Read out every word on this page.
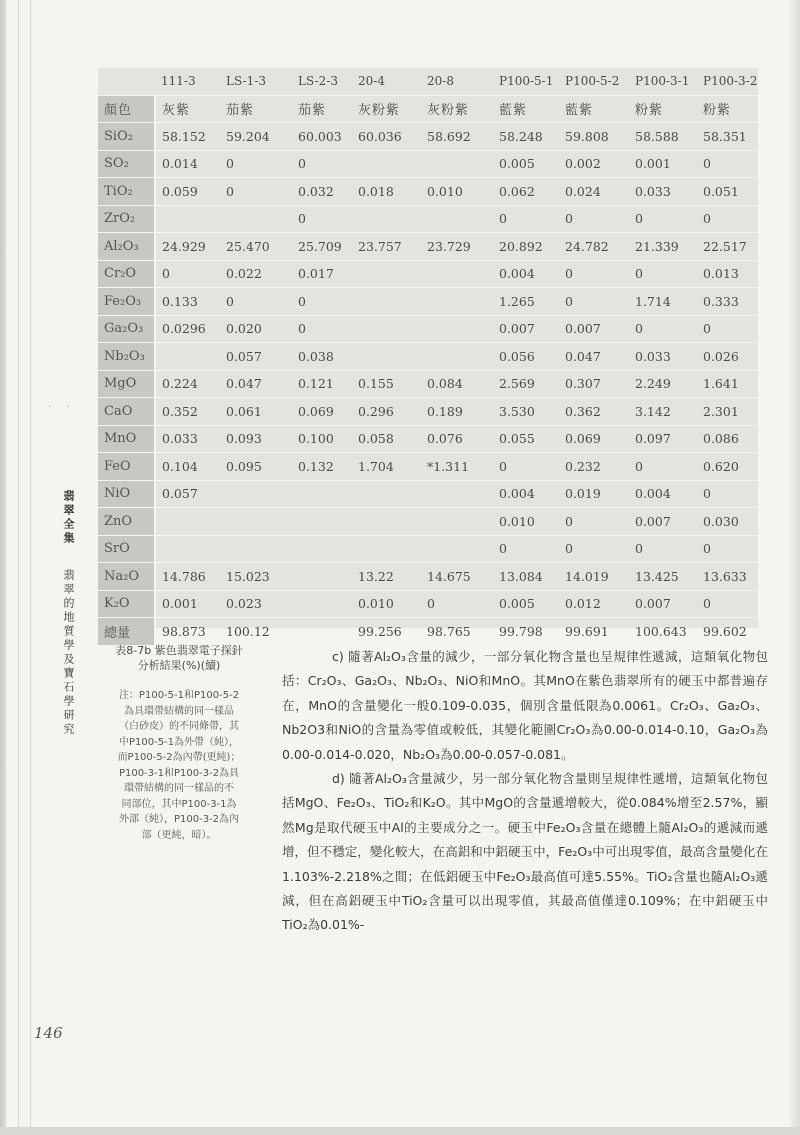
	111-3	LS-1-3	LS-2-3	20-4	20-8	P100-5-1	P100-5-2	P100-3-1	P100-3-2
顏色	灰紫	茄紫	茄紫	灰粉紫	灰粉紫	藍紫	藍紫	粉紫	粉紫
SiO₂	58.152	59.204	60.003	60.036	58.692	58.248	59.808	58.588	58.351
SO₂	0.014	0	0			0.005	0.002	0.001	0
TiO₂	0.059	0	0.032	0.018	0.010	0.062	0.024	0.033	0.051
ZrO₂			0			0	0	0	0
Al₂O₃	24.929	25.470	25.709	23.757	23.729	20.892	24.782	21.339	22.517
Cr₂O	0	0.022	0.017			0.004	0	0	0.013
Fe₂O₃	0.133	0	0			1.265	0	1.714	0.333
Ga₂O₃	0.0296	0.020	0			0.007	0.007	0	0
Nb₂O₃		0.057	0.038			0.056	0.047	0.033	0.026
MgO	0.224	0.047	0.121	0.155	0.084	2.569	0.307	2.249	1.641
CaO	0.352	0.061	0.069	0.296	0.189	3.530	0.362	3.142	2.301
MnO	0.033	0.093	0.100	0.058	0.076	0.055	0.069	0.097	0.086
FeO	0.104	0.095	0.132	1.704	*1.311	0	0.232	0	0.620
NiO	0.057					0.004	0.019	0.004	0
ZnO						0.010	0	0.007	0.030
SrO						0	0	0	0
Na₂O	14.786	15.023		13.22	14.675	13.084	14.019	13.425	13.633
K₂O	0.001	0.023		0.010	0	0.005	0.012	0.007	0
總量	98.873	100.12		99.256	98.765	99.798	99.691	100.643	99.602
表8-7b 紫色翡翠電子探針
分析結果(%)(續)
注：P100-5-1和P100-5-2
為具環帶結構的同一樣品
（白砂皮）的不同條帶，其
中P100-5-1為外帶（純），
而P100-5-2為內帶(更純)；
P100-3-1和P100-3-2為具
環帶結構的同一樣品的不
同部位，其中P100-3-1為
外部（純），P100-3-2為內
部（更純，暗）。
· ·
翡翠全集  翡翠的地質學及寶石學研究	c) 隨著Al₂O₃含量的減少，一部分氧化物含量也呈規律性遞減，這類氧化物包括：Cr₂O₃、Ga₂O₃、Nb₂O₃、NiO和MnO。其MnO在紫色翡翠所有的硬玉中都普遍存在，MnO的含量變化一般0.109-0.035，個別含量低限為0.0061。Cr₂O₃、Ga₂O₃、Nb2O3和NiO的含量為零值或較低，其變化範圍Cr₂O₃為0.00-0.014-0.10，Ga₂O₃為0.00-0.014-0.020，Nb₂O₃為0.00-0.057-0.081。

d) 隨著Al₂O₃含量減少，另一部分氧化物含量則呈規律性遞增，這類氧化物包括MgO、Fe₂O₃、TiO₂和K₂O。其中MgO的含量遞增較大，從0.084%增至2.57%，顯然Mg是取代硬玉中Al的主要成分之一。硬玉中Fe₂O₃含量在總體上隨Al₂O₃的遞減而遞增，但不穩定，變化較大，在高鋁和中鋁硬玉中，Fe₂O₃中可出現零值，最高含量變化在1.103%-2.218%之間；在低鋁硬玉中Fe₂O₃最高值可達5.55%。TiO₂含量也隨Al₂O₃遞減，但在高鋁硬玉中TiO₂含量可以出現零值，其最高值僅達0.109%；在中鋁硬玉中TiO₂為0.01%-

146
